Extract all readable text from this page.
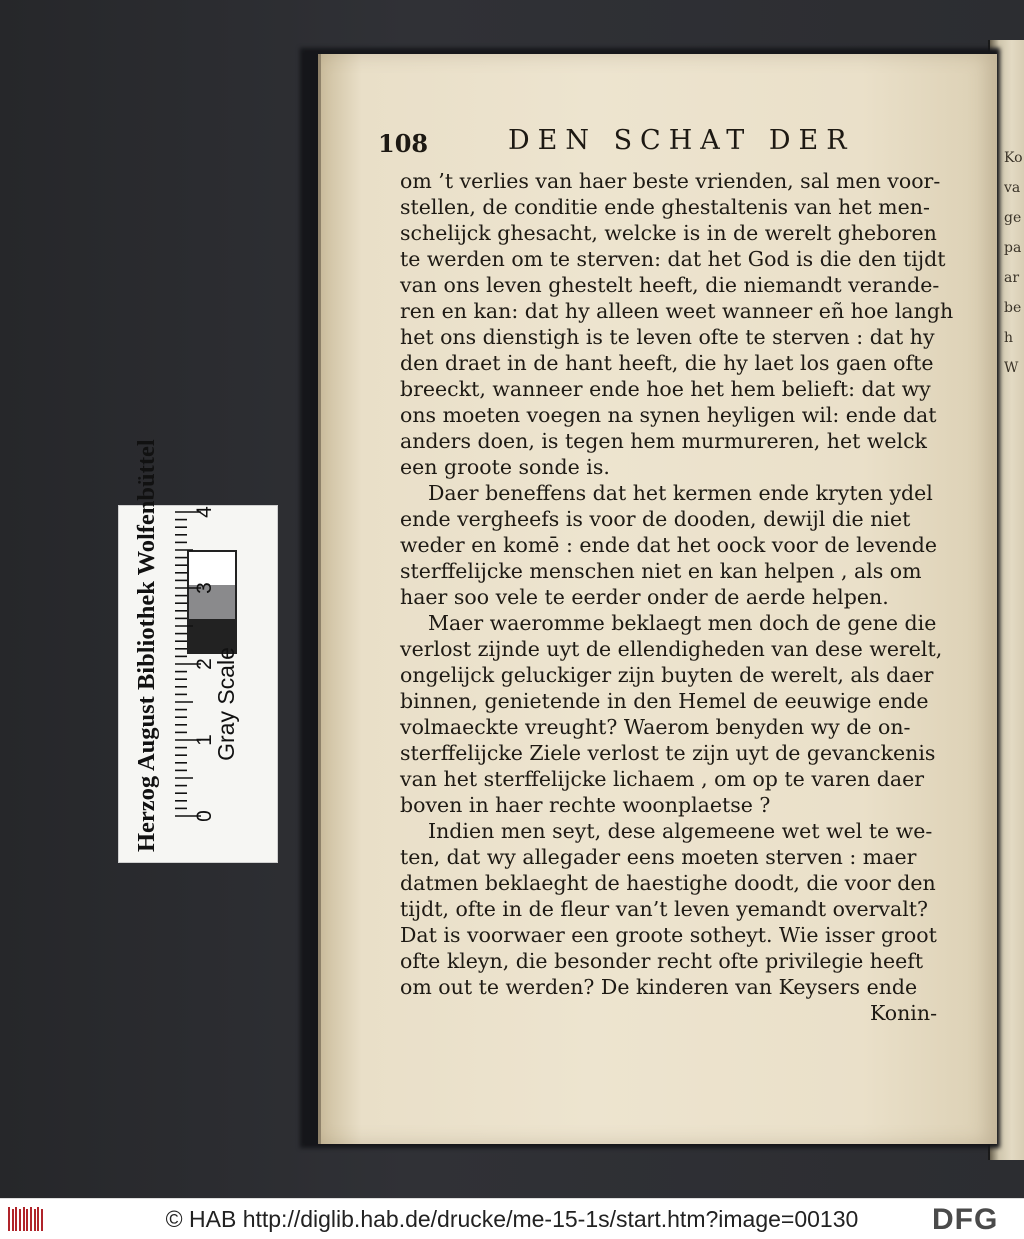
Ko
va
ge
pa
ar
be
h
W
108	DEN SCHAT DER
om ’t verlies van haer beste vrienden, sal men voor-
stellen, de conditie ende ghestaltenis van het men-
schelijck ghesacht, welcke is in de werelt gheboren
te werden om te sterven: dat het God is die den tijdt
van ons leven ghestelt heeft, die niemandt verande-
ren en kan: dat hy alleen weet wanneer eñ hoe langh
het ons dienstigh is te leven ofte te sterven : dat hy
den draet in de hant heeft, die hy laet los gaen ofte
breeckt, wanneer ende hoe het hem belieft: dat wy
ons moeten voegen na synen heyligen wil: ende dat
anders doen, is tegen hem murmureren, het welck
een groote sonde is.
Daer beneffens dat het kermen ende kryten ydel
ende vergheefs is voor de dooden, dewijl die niet
weder en komē : ende dat het oock voor de levende
sterffelijcke menschen niet en kan helpen , als om
haer soo vele te eerder onder de aerde helpen.
Maer waeromme beklaegt men doch de gene die
verlost zijnde uyt de ellendigheden van dese werelt,
ongelijck geluckiger zijn buyten de werelt, als daer
binnen, genietende in den Hemel de eeuwige ende
volmaeckte vreught? Waerom benyden wy de on-
sterffelijcke Ziele verlost te zijn uyt de gevanckenis
van het sterffelijcke lichaem , om op te varen daer
boven in haer rechte woonplaetse ?
Indien men seyt, dese algemeene wet wel te we-
ten, dat wy allegader eens moeten sterven : maer
datmen beklaeght de haestighe doodt, die voor den
tijdt, ofte in de fleur van’t leven yemandt overvalt?
Dat is voorwaer een groote sotheyt. Wie isser groot
ofte kleyn, die besonder recht ofte privilegie heeft
om out te werden? De kinderen van Keysers ende
Konin-
Herzog August Bibliothek Wolfenbüttel Gray Scale
0
1
2
3
4
© HAB http://diglib.hab.de/drucke/me-15-1s/start.htm?image=00130	DFG
